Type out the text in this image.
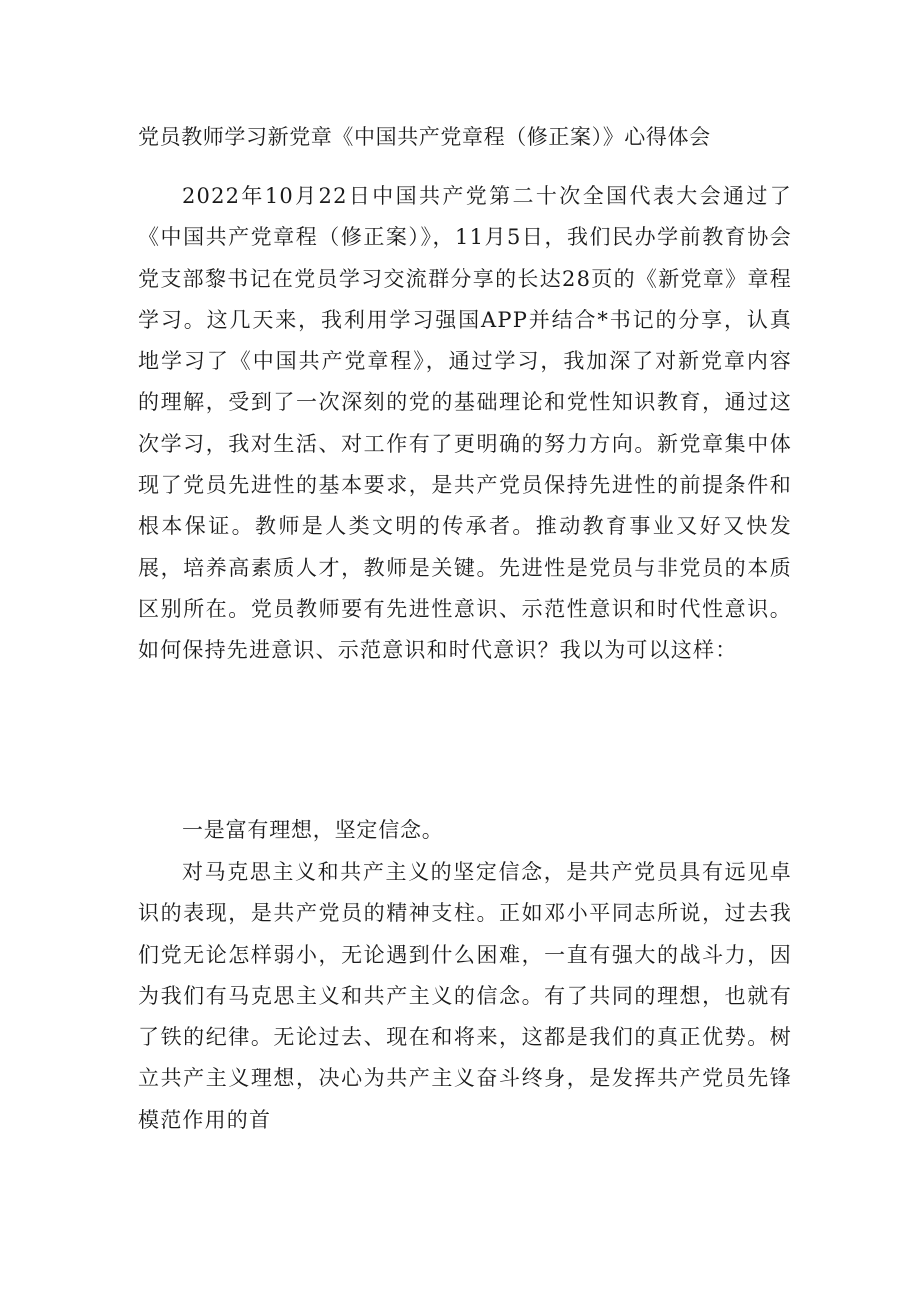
党员教师学习新党章《中国共产党章程（修正案）》心得体会

2022年10月22日中国共产党第二十次全国代表大会通过了《中国共产党章程（修正案）》，11月5日，我们民办学前教育协会党支部黎书记在党员学习交流群分享的长达28页的《新党章》章程学习。这几天来，我利用学习强国APP并结合*书记的分享，认真地学习了《中国共产党章程》，通过学习，我加深了对新党章内容的理解，受到了一次深刻的党的基础理论和党性知识教育，通过这次学习，我对生活、对工作有了更明确的努力方向。新党章集中体现了党员先进性的基本要求，是共产党员保持先进性的前提条件和根本保证。教师是人类文明的传承者。推动教育事业又好又快发展，培养高素质人才，教师是关键。先进性是党员与非党员的本质区别所在。党员教师要有先进性意识、示范性意识和时代性意识。如何保持先进意识、示范意识和时代意识？我以为可以这样：

一是富有理想，坚定信念。

对马克思主义和共产主义的坚定信念，是共产党员具有远见卓识的表现，是共产党员的精神支柱。正如邓小平同志所说，过去我们党无论怎样弱小，无论遇到什么困难，一直有强大的战斗力，因为我们有马克思主义和共产主义的信念。有了共同的理想，也就有了铁的纪律。无论过去、现在和将来，这都是我们的真正优势。树立共产主义理想，决心为共产主义奋斗终身，是发挥共产党员先锋模范作用的首
